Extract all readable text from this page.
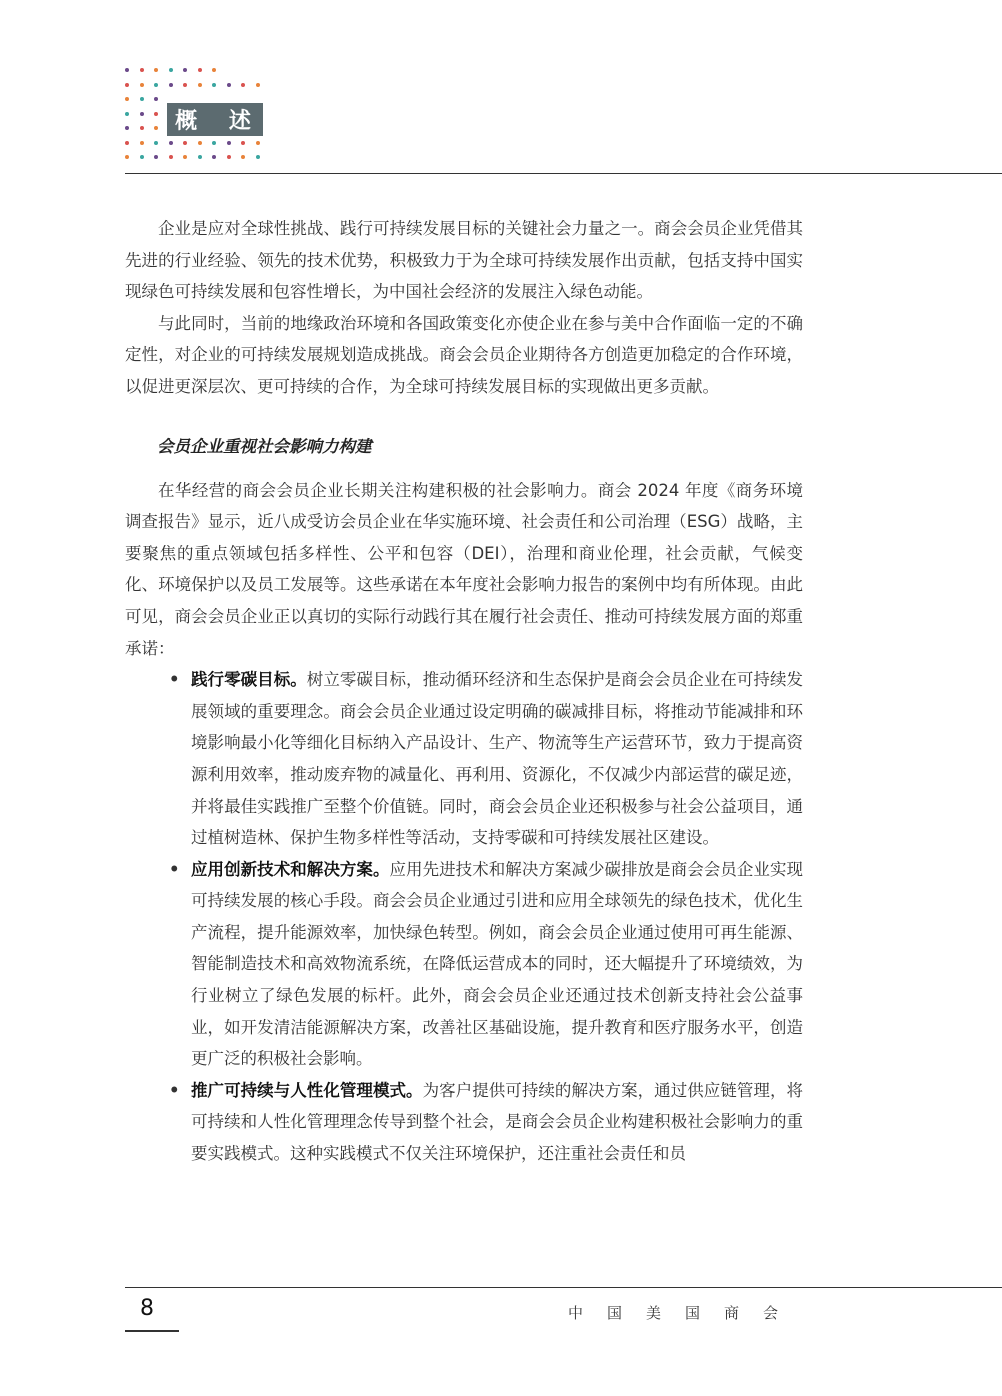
概 述

企业是应对全球性挑战、践行可持续发展目标的关键社会力量之一。商会会员企业凭借其先进的行业经验、领先的技术优势，积极致力于为全球可持续发展作出贡献，包括支持中国实现绿色可持续发展和包容性增长，为中国社会经济的发展注入绿色动能。

与此同时，当前的地缘政治环境和各国政策变化亦使企业在参与美中合作面临一定的不确定性，对企业的可持续发展规划造成挑战。商会会员企业期待各方创造更加稳定的合作环境，以促进更深层次、更可持续的合作，为全球可持续发展目标的实现做出更多贡献。

会员企业重视社会影响力构建

在华经营的商会会员企业长期关注构建积极的社会影响力。商会 2024 年度《商务环境调查报告》显示，近八成受访会员企业在华实施环境、社会责任和公司治理（ESG）战略，主要聚焦的重点领域包括多样性、公平和包容（DEI），治理和商业伦理，社会贡献，气候变化、环境保护以及员工发展等。这些承诺在本年度社会影响力报告的案例中均有所体现。由此可见，商会会员企业正以真切的实际行动践行其在履行社会责任、推动可持续发展方面的郑重承诺：

• 践行零碳目标。树立零碳目标，推动循环经济和生态保护是商会会员企业在可持续发展领域的重要理念。商会会员企业通过设定明确的碳减排目标，将推动节能减排和环境影响最小化等细化目标纳入产品设计、生产、物流等生产运营环节，致力于提高资源利用效率，推动废弃物的减量化、再利用、资源化，不仅减少内部运营的碳足迹，并将最佳实践推广至整个价值链。同时，商会会员企业还积极参与社会公益项目，通过植树造林、保护生物多样性等活动，支持零碳和可持续发展社区建设。
• 应用创新技术和解决方案。应用先进技术和解决方案减少碳排放是商会会员企业实现可持续发展的核心手段。商会会员企业通过引进和应用全球领先的绿色技术，优化生产流程，提升能源效率，加快绿色转型。例如，商会会员企业通过使用可再生能源、智能制造技术和高效物流系统，在降低运营成本的同时，还大幅提升了环境绩效，为行业树立了绿色发展的标杆。此外，商会会员企业还通过技术创新支持社会公益事业，如开发清洁能源解决方案，改善社区基础设施，提升教育和医疗服务水平，创造更广泛的积极社会影响。
• 推广可持续与人性化管理模式。为客户提供可持续的解决方案，通过供应链管理，将可持续和人性化管理理念传导到整个社会，是商会会员企业构建积极社会影响力的重要实践模式。这种实践模式不仅关注环境保护，还注重社会责任和员
8	中国美国商会
